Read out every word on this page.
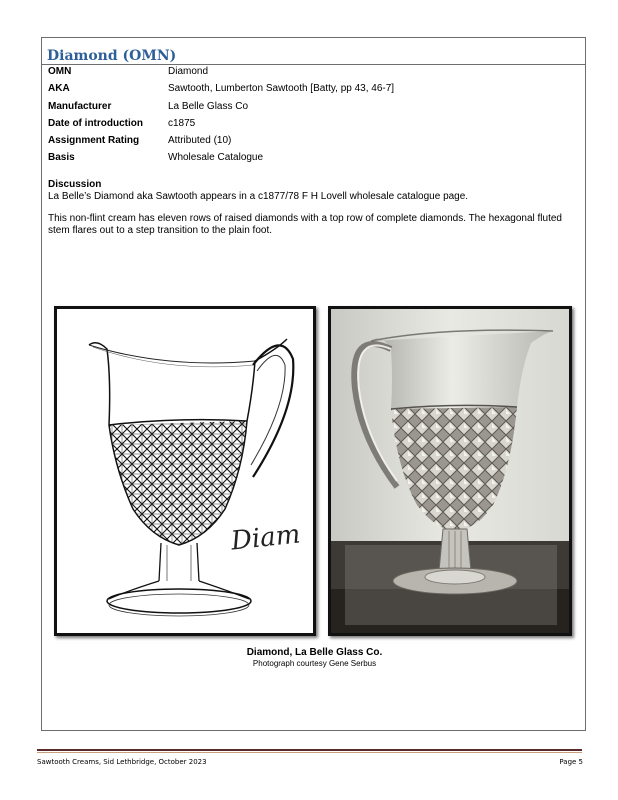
Diamond (OMN)
OMN	Diamond
AKA	Sawtooth, Lumberton Sawtooth [Batty, pp 43, 46-7]
Manufacturer	La Belle Glass Co
Date of introduction	c1875
Assignment Rating	Attributed (10)
Basis	Wholesale Catalogue
Discussion

La Belle’s Diamond aka Sawtooth appears in a c1877/78 F H Lovell wholesale catalogue page.

This non-flint cream has eleven rows of raised diamonds with a top row of complete diamonds. The hexagonal fluted stem flares out to a step transition to the plain foot.

Diam
Diamond, La Belle Glass Co.
Photograph courtesy Gene Serbus
Sawtooth Creams, Sid Lethbridge, October 2023	Page 5
